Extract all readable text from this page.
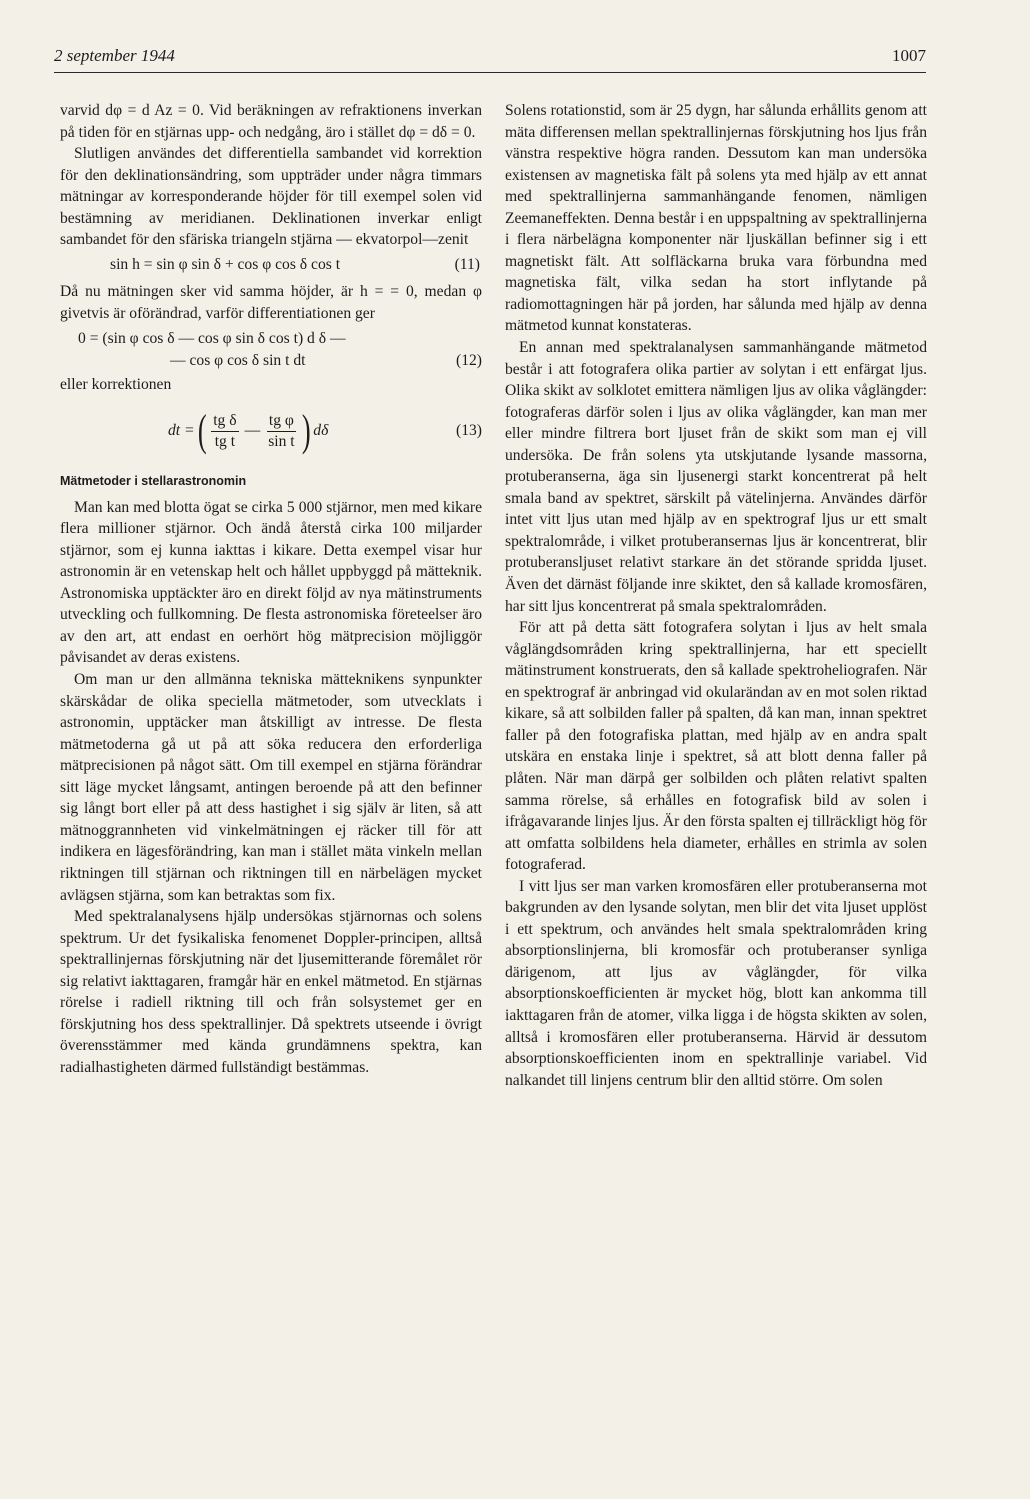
2 september 1944	1007

varvid dφ = d Az = 0. Vid beräkningen av refraktionens inverkan på tiden för en stjärnas upp- och nedgång, äro i stället dφ = dδ = 0.

Slutligen användes det differentiella sambandet vid korrektion för den deklinationsändring, som uppträder under några timmars mätningar av korresponderande höjder för till exempel solen vid bestämning av meridianen. Deklinationen inverkar enligt sambandet för den sfäriska triangeln stjärna — ekvatorpol—zenit

sin h = sin φ sin δ + cos φ cos δ cos t	(11)

Då nu mätningen sker vid samma höjder, är h = = 0, medan φ givetvis är oförändrad, varför differentiationen ger

0 = (sin φ cos δ — cos φ sin δ cos t) d δ —
— cos φ cos δ sin t dt	(12)

eller korrektionen

dt = ( $\frac{\text{tg δ}}{\text{tg t}}$ — $\frac{\text{tg φ}}{\text{sin t}}$ ) dδ	(13)
Mätmetoder i stellarastronomin

Man kan med blotta ögat se cirka 5 000 stjärnor, men med kikare flera millioner stjärnor. Och ändå återstå cirka 100 miljarder stjärnor, som ej kunna iakttas i kikare. Detta exempel visar hur astronomin är en vetenskap helt och hållet uppbyggd på mätteknik. Astronomiska upptäckter äro en direkt följd av nya mätinstruments utveckling och fullkomning. De flesta astronomiska företeelser äro av den art, att endast en oerhört hög mätprecision möjliggör påvisandet av deras existens.

Om man ur den allmänna tekniska mätteknikens synpunkter skärskådar de olika speciella mätmetoder, som utvecklats i astronomin, upptäcker man åtskilligt av intresse. De flesta mätmetoderna gå ut på att söka reducera den erforderliga mätprecisionen på något sätt. Om till exempel en stjärna förändrar sitt läge mycket långsamt, antingen beroende på att den befinner sig långt bort eller på att dess hastighet i sig själv är liten, så att mätnoggrannheten vid vinkelmätningen ej räcker till för att indikera en lägesförändring, kan man i stället mäta vinkeln mellan riktningen till stjärnan och riktningen till en närbelägen mycket avlägsen stjärna, som kan betraktas som fix.

Med spektralanalysens hjälp undersökas stjärnornas och solens spektrum. Ur det fysikaliska fenomenet Doppler-principen, alltså spektrallinjernas förskjutning när det ljusemitterande föremålet rör sig relativt iakttagaren, framgår här en enkel mätmetod. En stjärnas rörelse i radiell riktning till och från solsystemet ger en förskjutning hos dess spektrallinjer. Då spektrets utseende i övrigt överensstämmer med kända grundämnens spektra, kan radialhastigheten därmed fullständigt bestämmas.

Solens rotationstid, som är 25 dygn, har sålunda erhållits genom att mäta differensen mellan spektrallinjernas förskjutning hos ljus från vänstra respektive högra randen. Dessutom kan man undersöka existensen av magnetiska fält på solens yta med hjälp av ett annat med spektrallinjerna sammanhängande fenomen, nämligen Zeemaneffekten. Denna består i en uppspaltning av spektrallinjerna i flera närbelägna komponenter när ljuskällan befinner sig i ett magnetiskt fält. Att solfläckarna bruka vara förbundna med magnetiska fält, vilka sedan ha stort inflytande på radiomottagningen här på jorden, har sålunda med hjälp av denna mätmetod kunnat konstateras.

En annan med spektralanalysen sammanhängande mätmetod består i att fotografera olika partier av solytan i ett enfärgat ljus. Olika skikt av solklotet emittera nämligen ljus av olika våglängder: fotograferas därför solen i ljus av olika våglängder, kan man mer eller mindre filtrera bort ljuset från de skikt som man ej vill undersöka. De från solens yta utskjutande lysande massorna, protuberanserna, äga sin ljusenergi starkt koncentrerat på helt smala band av spektret, särskilt på vätelinjerna. Användes därför intet vitt ljus utan med hjälp av en spektrograf ljus ur ett smalt spektralområde, i vilket protuberansernas ljus är koncentrerat, blir protuberansljuset relativt starkare än det störande spridda ljuset. Även det därnäst följande inre skiktet, den så kallade kromosfären, har sitt ljus koncentrerat på smala spektralområden.

För att på detta sätt fotografera solytan i ljus av helt smala våglängdsområden kring spektrallinjerna, har ett speciellt mätinstrument konstruerats, den så kallade spektroheliografen. När en spektrograf är anbringad vid okularändan av en mot solen riktad kikare, så att solbilden faller på spalten, då kan man, innan spektret faller på den fotografiska plattan, med hjälp av en andra spalt utskära en enstaka linje i spektret, så att blott denna faller på plåten. När man därpå ger solbilden och plåten relativt spalten samma rörelse, så erhålles en fotografisk bild av solen i ifrågavarande linjes ljus. Är den första spalten ej tillräckligt hög för att omfatta solbildens hela diameter, erhålles en strimla av solen fotograferad.

I vitt ljus ser man varken kromosfären eller protuberanserna mot bakgrunden av den lysande solytan, men blir det vita ljuset upplöst i ett spektrum, och användes helt smala spektralområden kring absorptionslinjerna, bli kromosfär och protuberanser synliga därigenom, att ljus av våglängder, för vilka absorptionskoefficienten är mycket hög, blott kan ankomma till iakttagaren från de atomer, vilka ligga i de högsta skikten av solen, alltså i kromosfären eller protuberanserna. Härvid är dessutom absorptionskoefficienten inom en spektrallinje variabel. Vid nalkandet till linjens centrum blir den alltid större. Om solen
